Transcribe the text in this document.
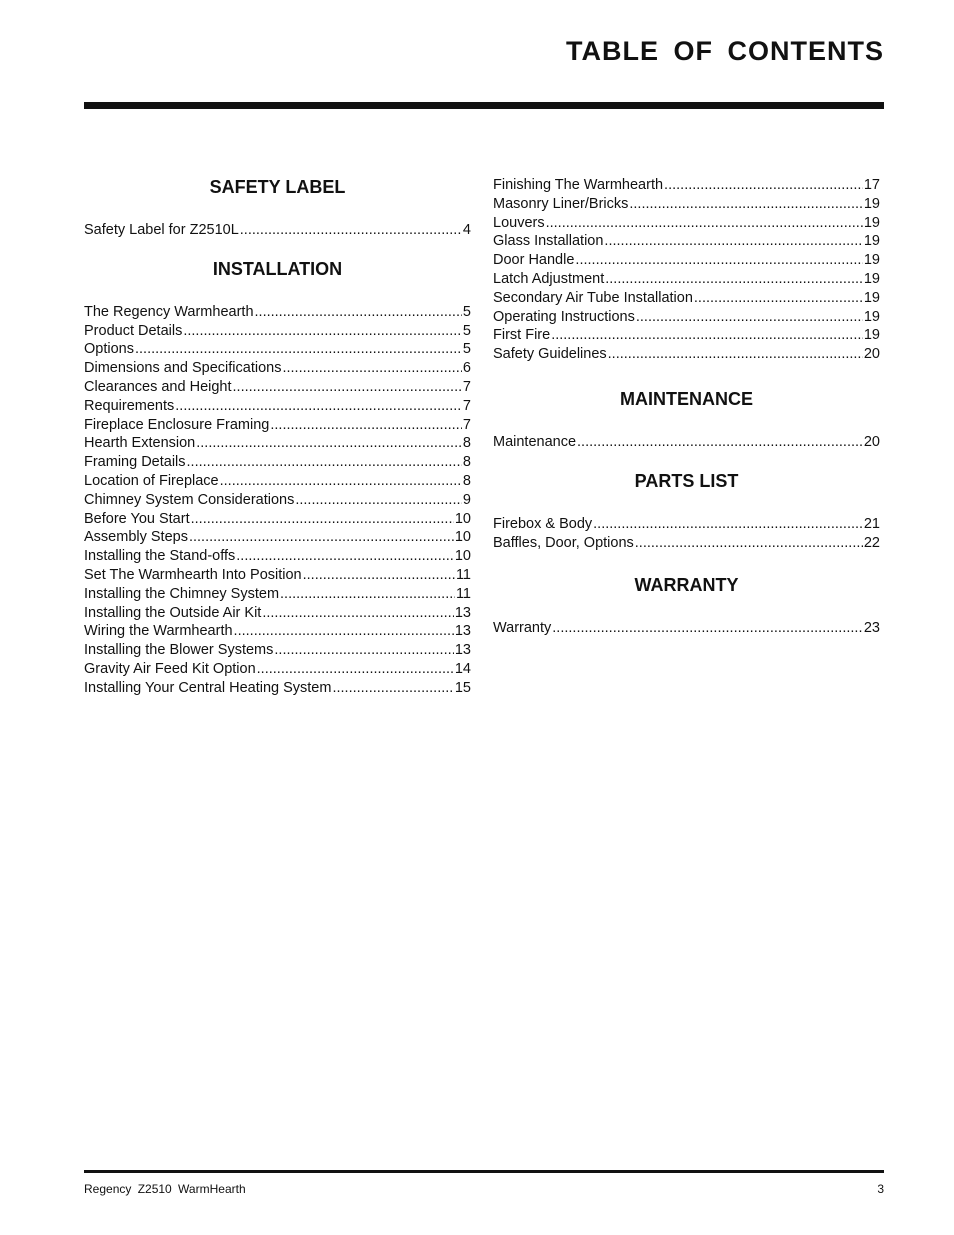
TABLE OF CONTENTS
SAFETY LABEL
Safety Label for Z2510L .....	4
INSTALLATION
The Regency Warmhearth .....	5
Product Details .....	5
Options .....	5
Dimensions and Specifications .....	6
Clearances and Height .....	7
Requirements .....	7
Fireplace Enclosure Framing .....	7
Hearth Extension .....	8
Framing Details .....	8
Location of Fireplace .....	8
Chimney System Considerations .....	9
Before You Start .....	10
Assembly Steps .....	10
Installing the Stand-offs .....	10
Set The Warmhearth Into Position .....	11
Installing the Chimney System .....	11
Installing the Outside Air Kit .....	13
Wiring the Warmhearth .....	13
Installing the Blower Systems .....	13
Gravity Air Feed Kit Option .....	14
Installing Your Central Heating System .....	15
Finishing The Warmhearth .....	17
Masonry Liner/Bricks .....	19
Louvers .....	19
Glass Installation .....	19
Door Handle .....	19
Latch Adjustment .....	19
Secondary Air Tube Installation .....	19
Operating Instructions .....	19
First Fire .....	19
Safety Guidelines .....	20
MAINTENANCE
Maintenance .....	20
PARTS LIST
Firebox & Body .....	21
Baffles, Door, Options .....	22
WARRANTY
Warranty .....	23
Regency Z2510 WarmHearth	3
